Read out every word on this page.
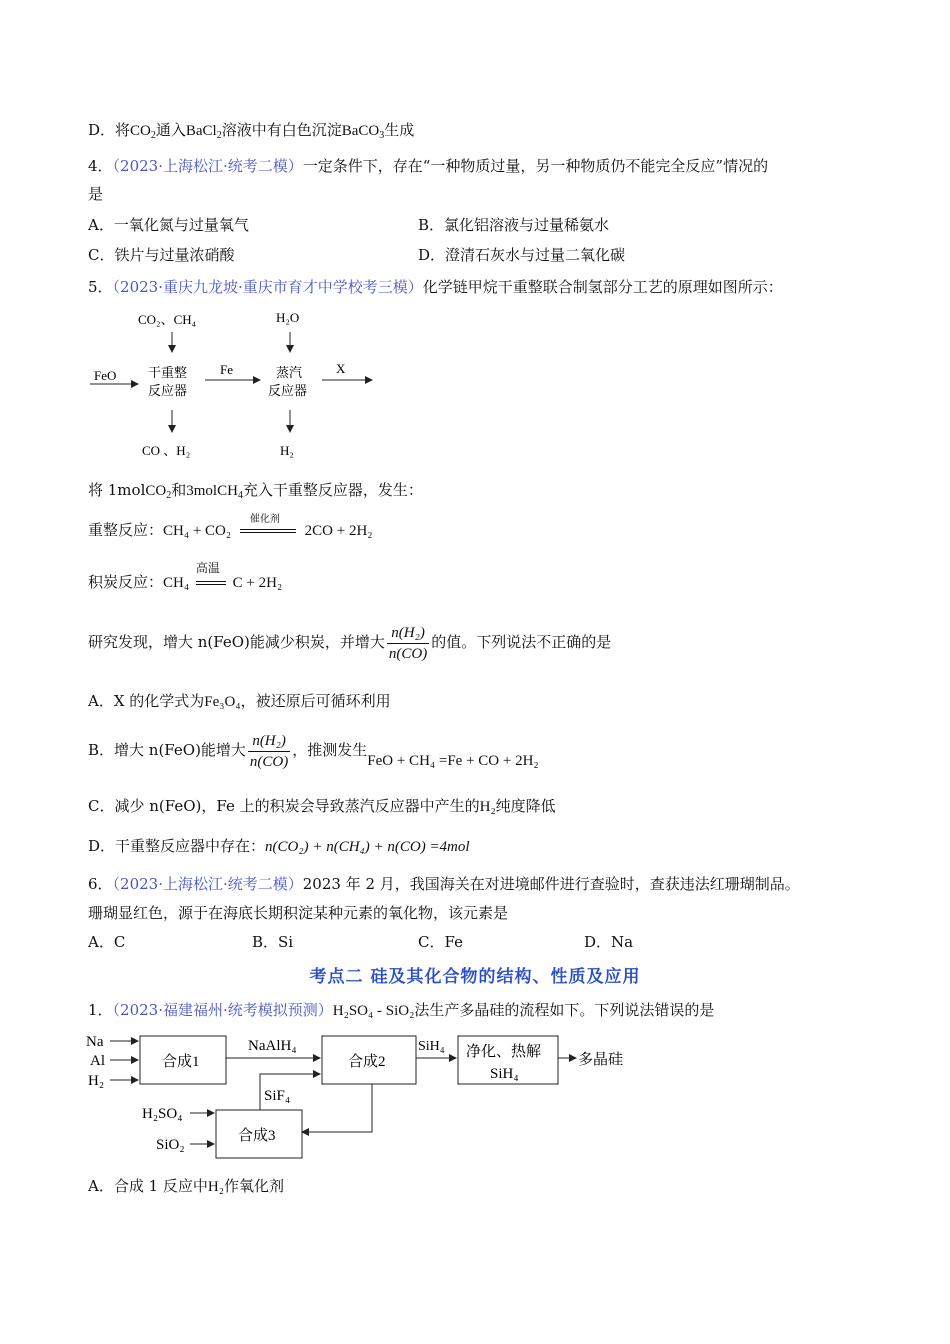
D．将$CO_2$通入BaCl$_2$溶液中有白色沉淀BaCO$_3$生成
4．（2023·上海松江·统考二模）一定条件下，存在“一种物质过量，另一种物质仍不能完全反应”情况的
是
A．一氧化氮与过量氧气	B．氯化铝溶液与过量稀氨水
C．铁片与过量浓硝酸	D．澄清石灰水与过量二氧化碳
5．（2023·重庆九龙坡·重庆市育才中学校考三模）化学链甲烷干重整联合制氢部分工艺的原理如图所示：
CO₂、CH₄	H₂O
FeO 干重整
反应器
Fe	蒸汽
反应器
X
CO 、H₂	H₂
将 1molCO$_2$和3molCH$_4$充入干重整反应器，发生：
重整反应：CH₄ + CO₂
催化剂
2CO + 2H₂
积炭反应：CH₄
高温
C + 2H₂
研究发现，增大 n(FeO)能减少积炭，并增大 $\frac{\text{n(H₂)}}{n(CO)}$ 的值。下列说法不正确的是
A．X 的化学式为Fe₃O₄，被还原后可循环利用
B．增大 n(FeO)能增大 $\frac{\text{n(H₂)}}{n(CO)}$ ，推测发生FeO + CH₄ =Fe + CO + 2H₂
C．减少 n(FeO)，Fe 上的积炭会导致蒸汽反应器中产生的H₂纯度降低
D．干重整反应器中存在：n(CO₂) + n(CH₄) + n(CO) =4mol
6．（2023·上海松江·统考二模）2023 年 2 月，我国海关在对进境邮件进行查验时，查获违法红珊瑚制品。
珊瑚显红色，源于在海底长期积淀某种元素的氧化物，该元素是
A．C	B．Si	C．Fe	D．Na
考点二 硅及其化合物的结构、性质及应用
1．（2023·福建福州·统考模拟预测）H₂SO₄ - SiO₂法生产多晶硅的流程如下。下列说法错误的是
Na
Al
H₂
合成1
NaAlH₄
合成2
SiH₄ 净化、热解
SiH₄
多晶硅
SiF₄
H₂SO₄
SiO₂
合成3
A．合成 1 反应中H₂作氧化剂
